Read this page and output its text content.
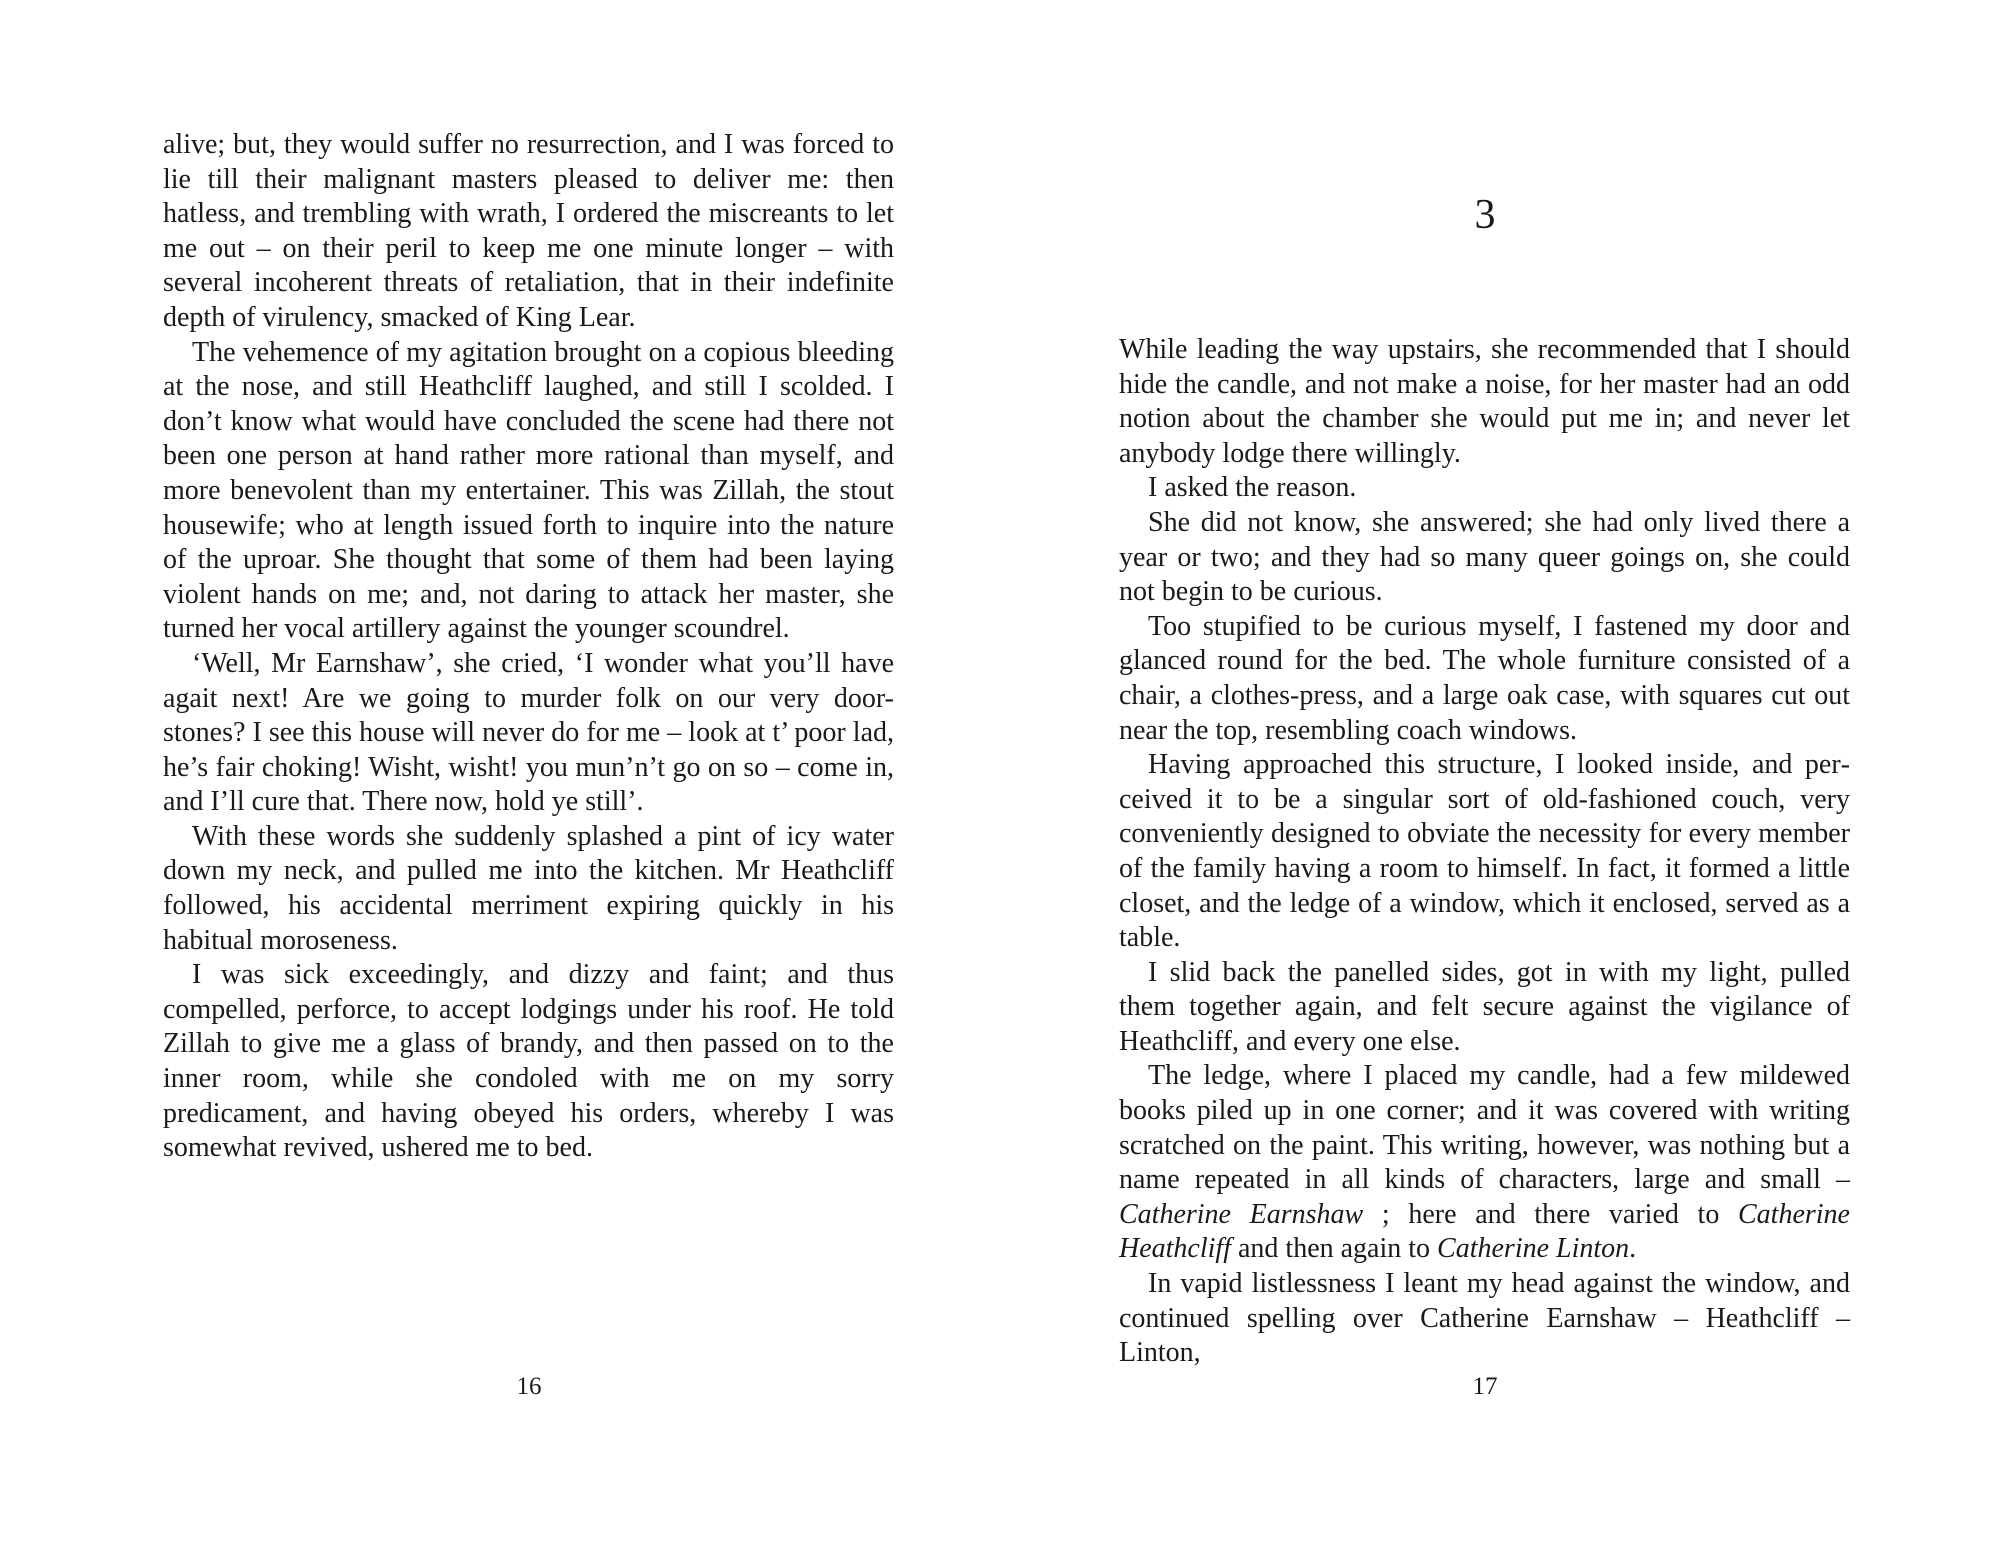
alive; but, they would suffer no resurrection, and I was forced to lie till their malignant masters pleased to deliver me: then hatless, and trembling with wrath, I ordered the miscreants to let me out – on their peril to keep me one minute longer – with several incoherent threats of retaliation, that in their indefinite depth of virulency, smacked of King Lear.

The vehemence of my agitation brought on a copious bleeding at the nose, and still Heathcliff laughed, and still I scolded. I don’t know what would have concluded the scene had there not been one person at hand rather more rational than myself, and more benevolent than my entertainer. This was Zillah, the stout housewife; who at length issued forth to inquire into the nature of the uproar. She thought that some of them had been laying violent hands on me; and, not daring to attack her master, she turned her vocal artillery against the younger scoundrel.

‘Well, Mr Earnshaw’, she cried, ‘I wonder what you’ll have agait next! Are we going to murder folk on our very door-stones? I see this house will never do for me – look at t’ poor lad, he’s fair choking! Wisht, wisht! you mun’n’t go on so – come in, and I’ll cure that. There now, hold ye still’.

With these words she suddenly splashed a pint of icy water down my neck, and pulled me into the kitchen. Mr Heathcliff followed, his accidental merriment expiring quickly in his habitual moroseness.

I was sick exceedingly, and dizzy and faint; and thus compelled, perforce, to accept lodgings under his roof. He told Zillah to give me a glass of brandy, and then passed on to the inner room, while she condoled with me on my sorry predicament, and having obeyed his orders, whereby I was somewhat revived, ushered me to bed.

16
3

While leading the way upstairs, she recommended that I should hide the candle, and not make a noise, for her master had an odd notion about the chamber she would put me in; and never let anybody lodge there willingly.

I asked the reason.

She did not know, she answered; she had only lived there a year or two; and they had so many queer goings on, she could not begin to be curious.

Too stupified to be curious myself, I fastened my door and glanced round for the bed. The whole furniture consisted of a chair, a clothes-press, and a large oak case, with squares cut out near the top, resembling coach windows.

Having approached this structure, I looked inside, and perceived it to be a singular sort of old-fashioned couch, very conveniently designed to obviate the necessity for every member of the family having a room to himself. In fact, it formed a little closet, and the ledge of a window, which it enclosed, served as a table.

I slid back the panelled sides, got in with my light, pulled them together again, and felt secure against the vigilance of Heathcliff, and every one else.

The ledge, where I placed my candle, had a few mildewed books piled up in one corner; and it was covered with writing scratched on the paint. This writing, however, was nothing but a name repeated in all kinds of characters, large and small – Catherine Earnshaw ; here and there varied to Catherine Heathcliff and then again to Catherine Linton.

In vapid listlessness I leant my head against the window, and continued spelling over Catherine Earnshaw – Heathcliff – Linton,

17
